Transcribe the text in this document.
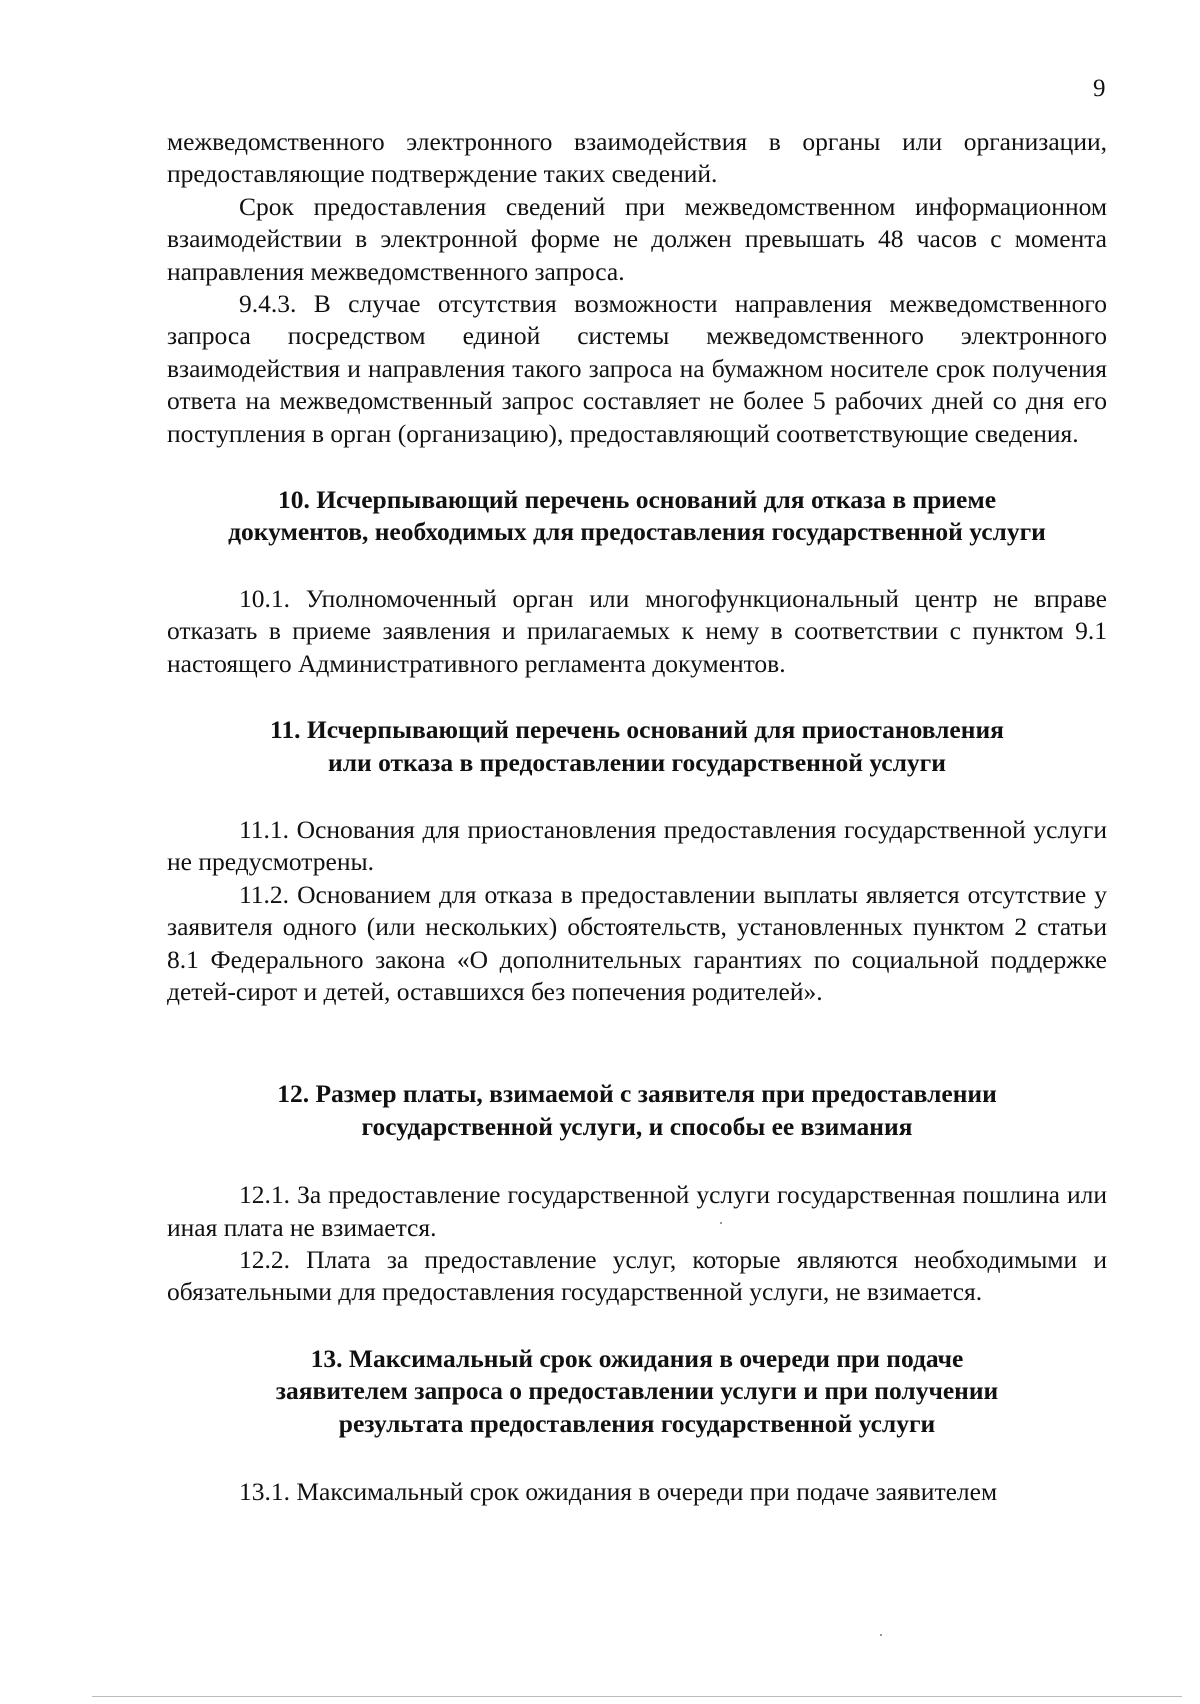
9

межведомственного электронного взаимодействия в органы или организации, предоставляющие подтверждение таких сведений.

Срок предоставления сведений при межведомственном информационном взаимодействии в электронной форме не должен превышать 48 часов с момента направления межведомственного запроса.

9.4.3. В случае отсутствия возможности направления межведомственного запроса посредством единой системы межведомственного электронного взаимодействия и направления такого запроса на бумажном носителе срок получения ответа на межведомственный запрос составляет не более 5 рабочих дней со дня его поступления в орган (организацию), предоставляющий соответствующие сведения.

10. Исчерпывающий перечень оснований для отказа в приеме
документов, необходимых для предоставления государственной услуги

10.1. Уполномоченный орган или многофункциональный центр не вправе отказать в приеме заявления и прилагаемых к нему в соответствии с пунктом 9.1 настоящего Административного регламента документов.

11. Исчерпывающий перечень оснований для приостановления
или отказа в предоставлении государственной услуги

11.1. Основания для приостановления предоставления государственной услуги не предусмотрены.

11.2. Основанием для отказа в предоставлении выплаты является отсутствие у заявителя одного (или нескольких) обстоятельств, установленных пунктом 2 статьи 8.1 Федерального закона «О дополнительных гарантиях по социальной поддержке детей-сирот и детей, оставшихся без попечения родителей».

12. Размер платы, взимаемой с заявителя при предоставлении
государственной услуги, и способы ее взимания

12.1. За предоставление государственной услуги государственная пошлина или иная плата не взимается.

12.2. Плата за предоставление услуг, которые являются необходимыми и обязательными для предоставления государственной услуги, не взимается.

13. Максимальный срок ожидания в очереди при подаче
заявителем запроса о предоставлении услуги и при получении
результата предоставления государственной услуги

13.1. Максимальный срок ожидания в очереди при подаче заявителем
